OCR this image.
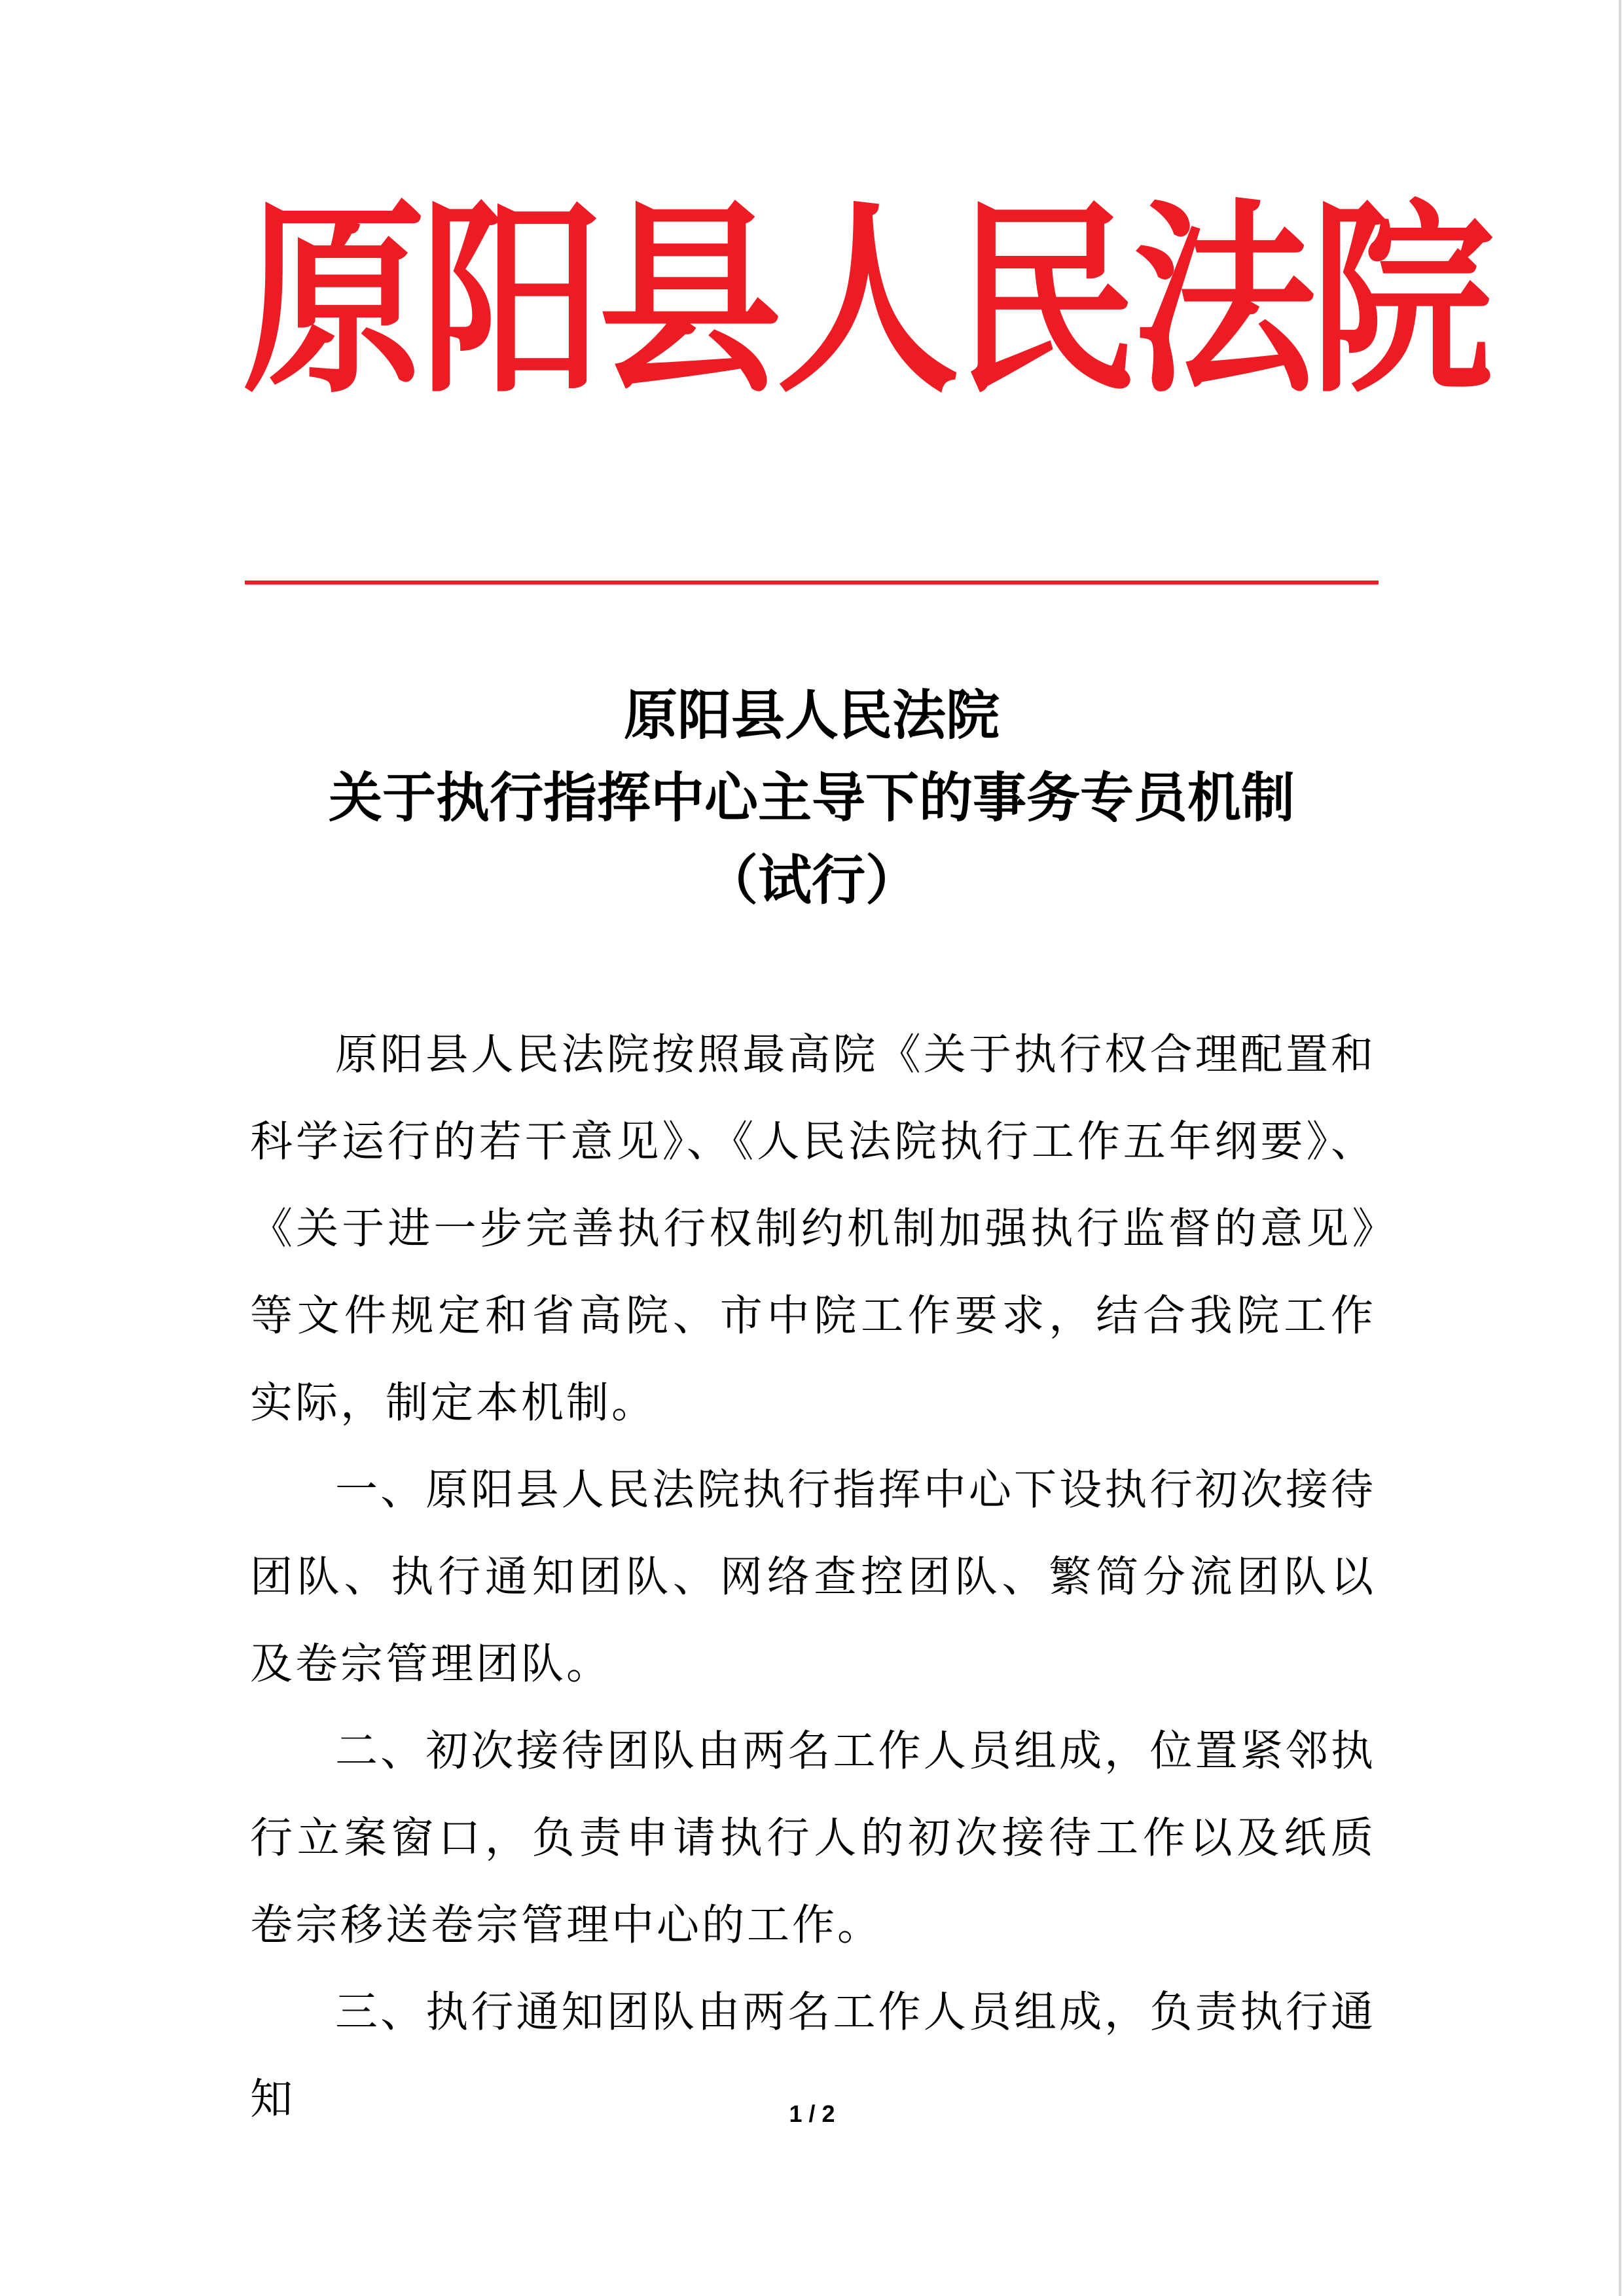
原阳县人民法院
原阳县人民法院
关于执行指挥中心主导下的事务专员机制
（试行）

原阳县人民法院按照最高院《关于执行权合理配置和科学运行的若干意见》、《人民法院执行工作五年纲要》、《关于进一步完善执行权制约机制加强执行监督的意见》等文件规定和省高院、市中院工作要求，结合我院工作实际，制定本机制。

一、原阳县人民法院执行指挥中心下设执行初次接待团队、执行通知团队、网络查控团队、繁简分流团队以及卷宗管理团队。

二、初次接待团队由两名工作人员组成，位置紧邻执行立案窗口，负责申请执行人的初次接待工作以及纸质卷宗移送卷宗管理中心的工作。

三、执行通知团队由两名工作人员组成，负责执行通知	1 / 2
